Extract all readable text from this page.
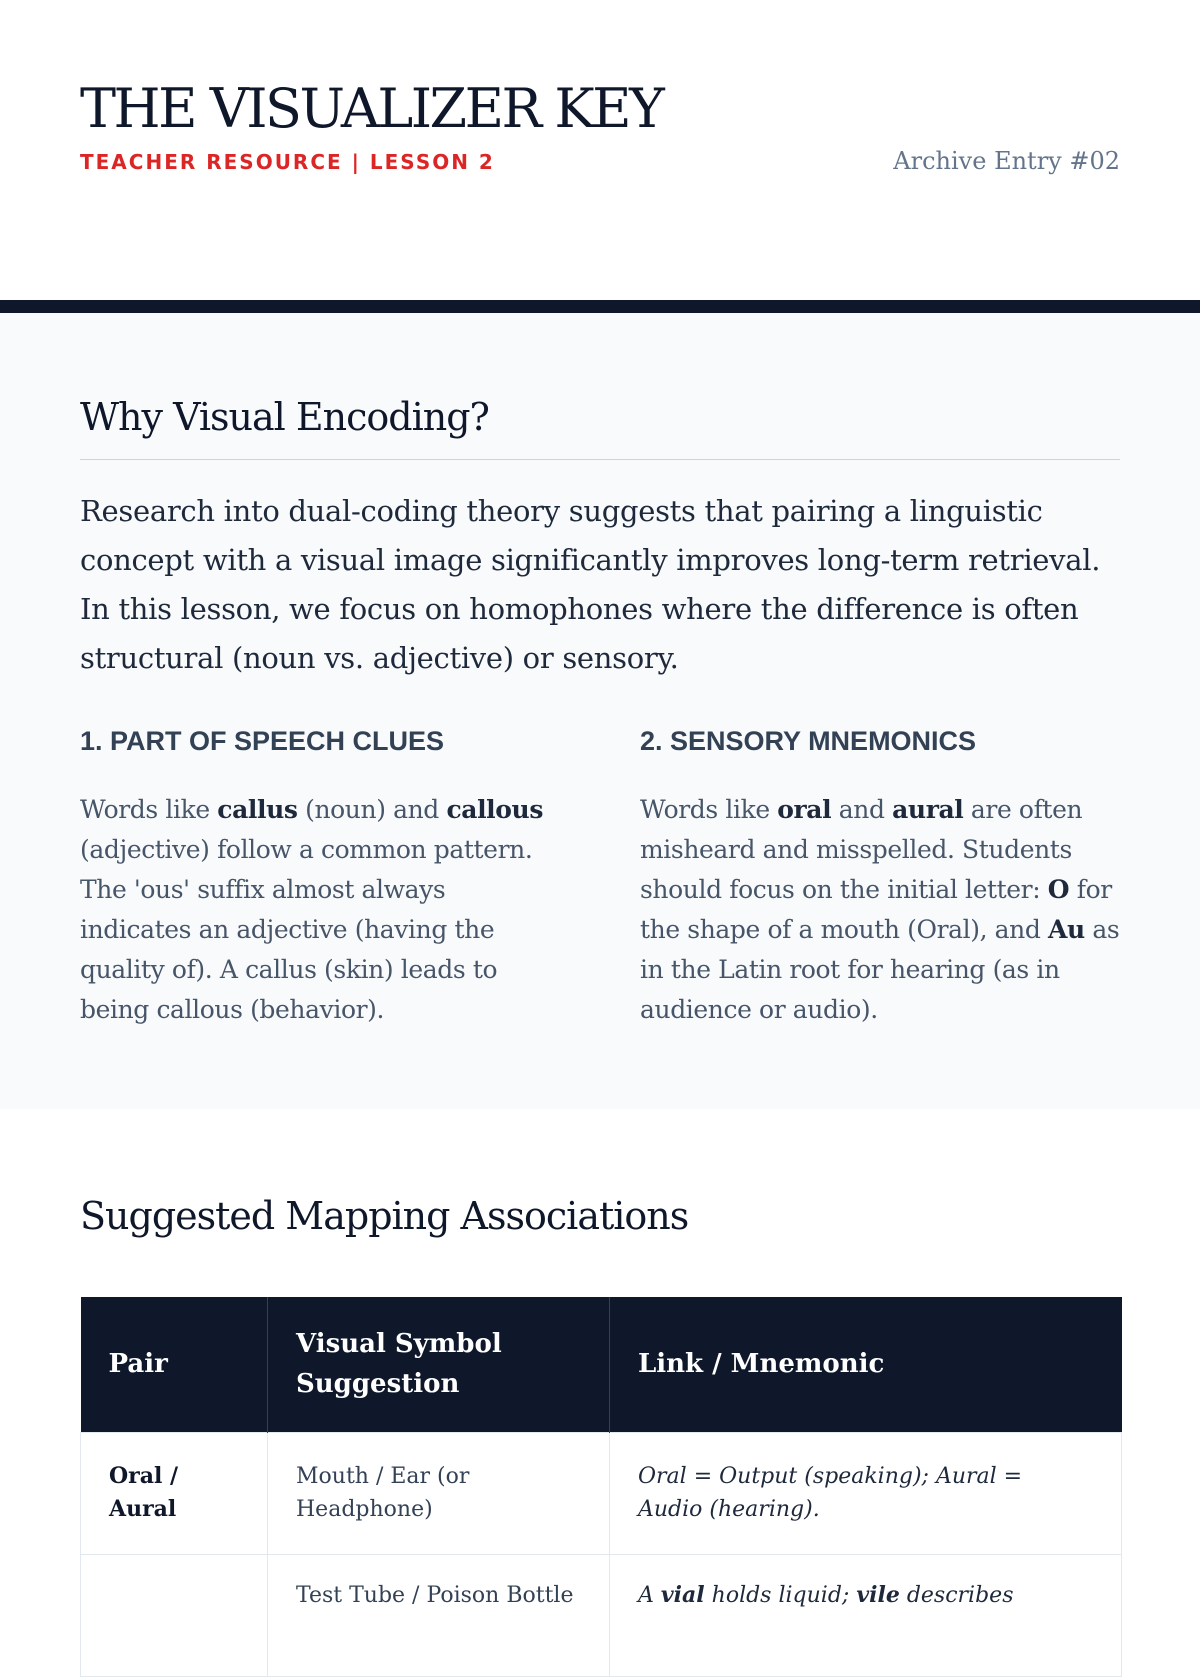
THE VISUALIZER KEY
TEACHER RESOURCE | LESSON 2	Archive Entry #02
Why Visual Encoding?

Research into dual-coding theory suggests that pairing a linguistic concept with a visual image significantly improves long-term retrieval. In this lesson, we focus on homophones where the difference is often structural (noun vs. adjective) or sensory.

1. PART OF SPEECH CLUES

Words like callus (noun) and callous (adjective) follow a common pattern. The 'ous' suffix almost always indicates an adjective (having the quality of). A callus (skin) leads to being callous (behavior).

2. SENSORY MNEMONICS

Words like oral and aural are often misheard and misspelled. Students should focus on the initial letter: O for the shape of a mouth (Oral), and Au as in the Latin root for hearing (as in audience or audio).

Suggested Mapping Associations
Pair	Visual Symbol Suggestion	Link / Mnemonic
Oral / Aural	Mouth / Ear (or Headphone)	Oral = Output (speaking); Aural = Audio (hearing).
	Test Tube / Poison Bottle	A vial holds liquid; vile describes
